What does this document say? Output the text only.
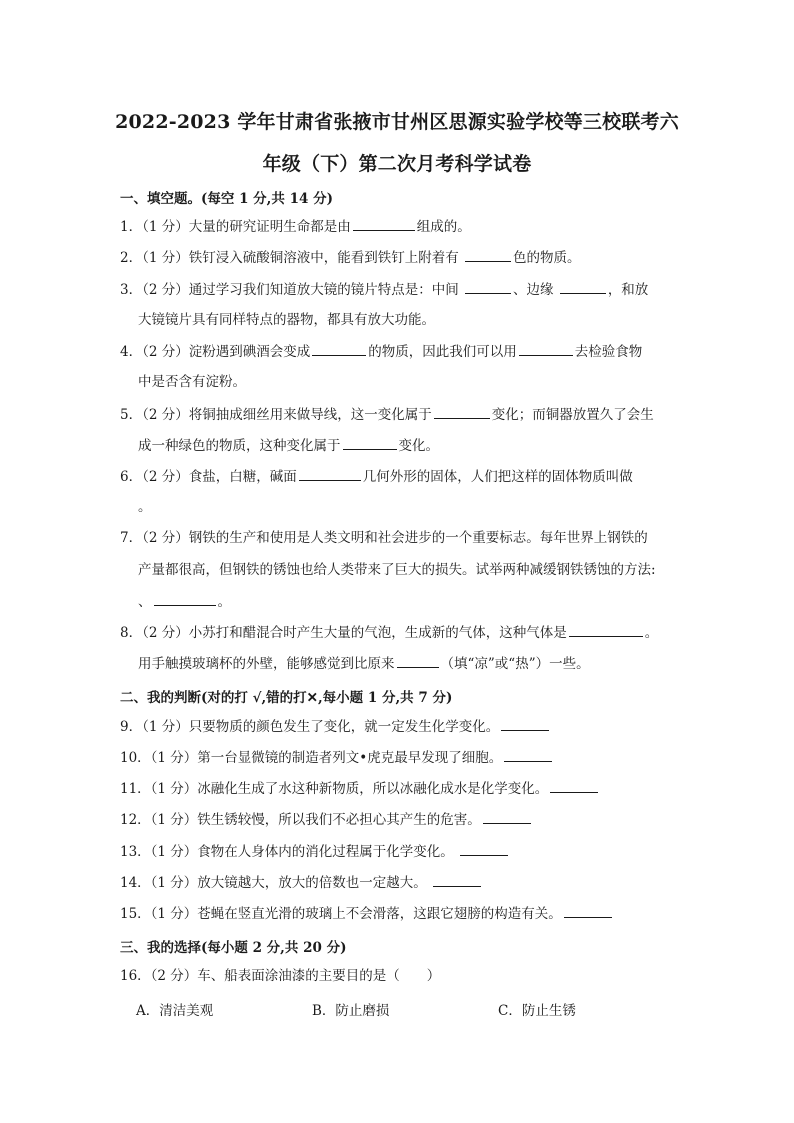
2022-2023 学年甘肃省张掖市甘州区思源实验学校等三校联考六
年级（下）第二次月考科学试卷
一、填空题。(每空 1 分,共 14 分)
1．（1 分）大量的研究证明生命都是由	组成的。
2．（1 分）铁钉浸入硫酸铜溶液中，能看到铁钉上附着有	色的物质。
3．（2 分）通过学习我们知道放大镜的镜片特点是：中间	、边缘	，和放
大镜镜片具有同样特点的器物，都具有放大功能。
4．（2 分）淀粉遇到碘酒会变成	的物质，因此我们可以用	去检验食物
中是否含有淀粉。
5．（2 分）将铜抽成细丝用来做导线，这一变化属于	变化；而铜器放置久了会生
成一种绿色的物质，这种变化属于	变化。
6．（2 分）食盐，白糖，碱面	几何外形的固体，人们把这样的固体物质叫做
。
7．（2 分）钢铁的生产和使用是人类文明和社会进步的一个重要标志。每年世界上钢铁的
产量都很高，但钢铁的锈蚀也给人类带来了巨大的损失。试举两种减缓钢铁锈蚀的方法:
、	。
8．（2 分）小苏打和醋混合时产生大量的气泡，生成新的气体，这种气体是	。
用手触摸玻璃杯的外壁，能够感觉到比原来	（填“凉”或“热”）一些。
二、我的判断(对的打 √,错的打✕,每小题 1 分,共 7 分)
9．（1 分）只要物质的颜色发生了变化，就一定发生化学变化。
10．（1 分）第一台显微镜的制造者列文•虎克最早发现了细胞。
11．（1 分）冰融化生成了水这种新物质，所以冰融化成水是化学变化。
12．（1 分）铁生锈较慢，所以我们不必担心其产生的危害。
13．（1 分）食物在人身体内的消化过程属于化学变化。
14．（1 分）放大镜越大，放大的倍数也一定越大。
15．（1 分）苍蝇在竖直光滑的玻璃上不会滑落，这跟它翅膀的构造有关。
三、我的选择(每小题 2 分,共 20 分)
16．（2 分）车、船表面涂油漆的主要目的是（　　）
A．清洁美观	B．防止磨损	C．防止生锈
